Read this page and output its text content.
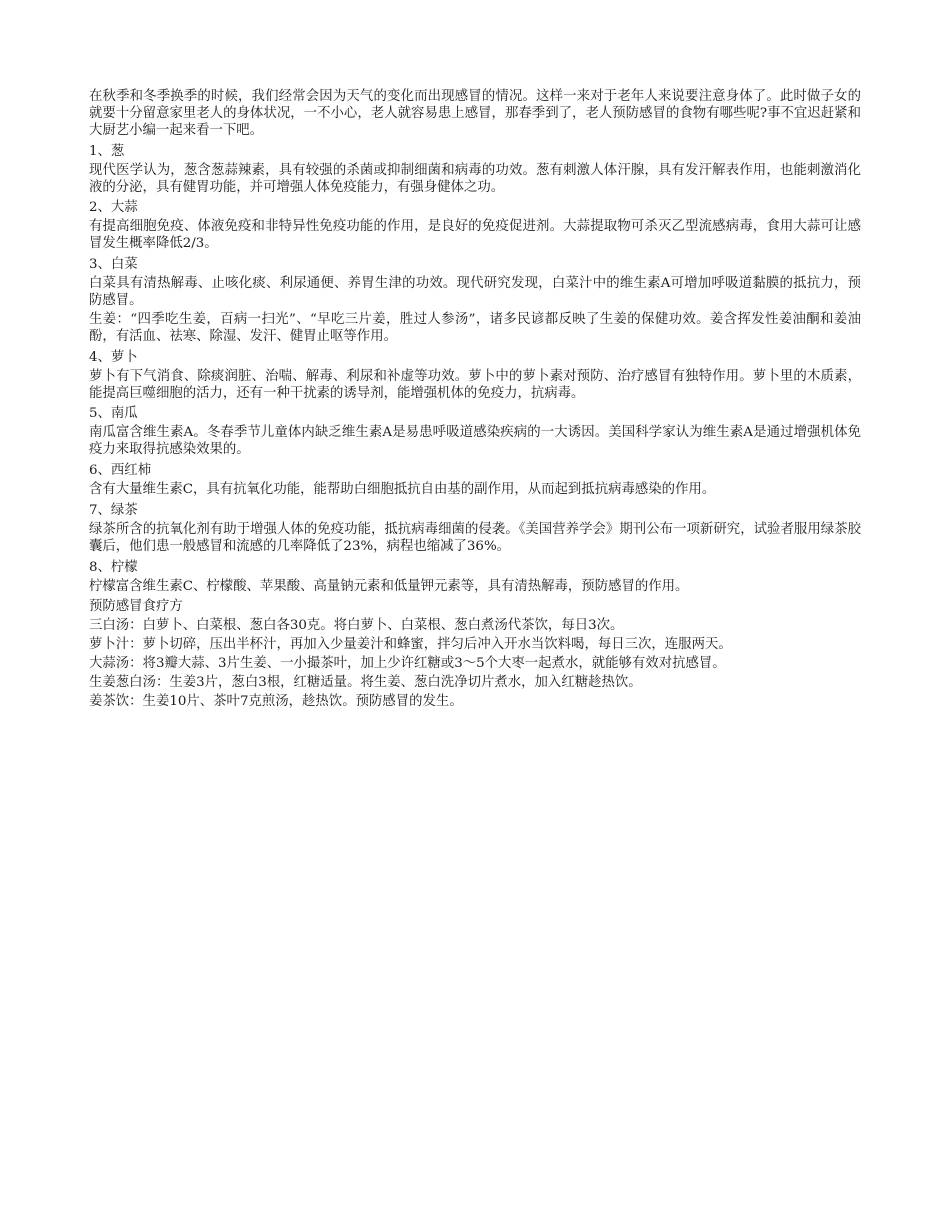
在秋季和冬季换季的时候，我们经常会因为天气的变化而出现感冒的情况。这样一来对于老年人来说要注意身体了。此时做子女的就要十分留意家里老人的身体状况，一不小心，老人就容易患上感冒，那春季到了，老人预防感冒的食物有哪些呢?事不宜迟赶紧和大厨艺小编一起来看一下吧。

1、葱

现代医学认为，葱含葱蒜辣素，具有较强的杀菌或抑制细菌和病毒的功效。葱有刺激人体汗腺，具有发汗解表作用，也能刺激消化液的分泌，具有健胃功能，并可增强人体免疫能力，有强身健体之功。

2、大蒜

有提高细胞免疫、体液免疫和非特异性免疫功能的作用，是良好的免疫促进剂。大蒜提取物可杀灭乙型流感病毒，食用大蒜可让感冒发生概率降低2/3。

3、白菜

白菜具有清热解毒、止咳化痰、利尿通便、养胃生津的功效。现代研究发现，白菜汁中的维生素A可增加呼吸道黏膜的抵抗力，预防感冒。

生姜：“四季吃生姜，百病一扫光”、“早吃三片姜，胜过人参汤”，诸多民谚都反映了生姜的保健功效。姜含挥发性姜油酮和姜油酚，有活血、祛寒、除湿、发汗、健胃止呕等作用。

4、萝卜

萝卜有下气消食、除痰润脏、治喘、解毒、利尿和补虚等功效。萝卜中的萝卜素对预防、治疗感冒有独特作用。萝卜里的木质素，能提高巨噬细胞的活力，还有一种干扰素的诱导剂，能增强机体的免疫力，抗病毒。

5、南瓜

南瓜富含维生素A。冬春季节儿童体内缺乏维生素A是易患呼吸道感染疾病的一大诱因。美国科学家认为维生素A是通过增强机体免疫力来取得抗感染效果的。

6、西红柿

含有大量维生素C，具有抗氧化功能，能帮助白细胞抵抗自由基的副作用，从而起到抵抗病毒感染的作用。

7、绿茶

绿茶所含的抗氧化剂有助于增强人体的免疫功能，抵抗病毒细菌的侵袭。《美国营养学会》期刊公布一项新研究，试验者服用绿茶胶囊后，他们患一般感冒和流感的几率降低了23%，病程也缩减了36%。

8、柠檬

柠檬富含维生素C、柠檬酸、苹果酸、高量钠元素和低量钾元素等，具有清热解毒，预防感冒的作用。

预防感冒食疗方

三白汤：白萝卜、白菜根、葱白各30克。将白萝卜、白菜根、葱白煮汤代茶饮，每日3次。

萝卜汁：萝卜切碎，压出半杯汁，再加入少量姜汁和蜂蜜，拌匀后冲入开水当饮料喝，每日三次，连服两天。

大蒜汤：将3瓣大蒜、3片生姜、一小撮茶叶，加上少许红糖或3～5个大枣一起煮水，就能够有效对抗感冒。

生姜葱白汤：生姜3片，葱白3根，红糖适量。将生姜、葱白洗净切片煮水，加入红糖趁热饮。

姜茶饮：生姜10片、茶叶7克煎汤，趁热饮。预防感冒的发生。
